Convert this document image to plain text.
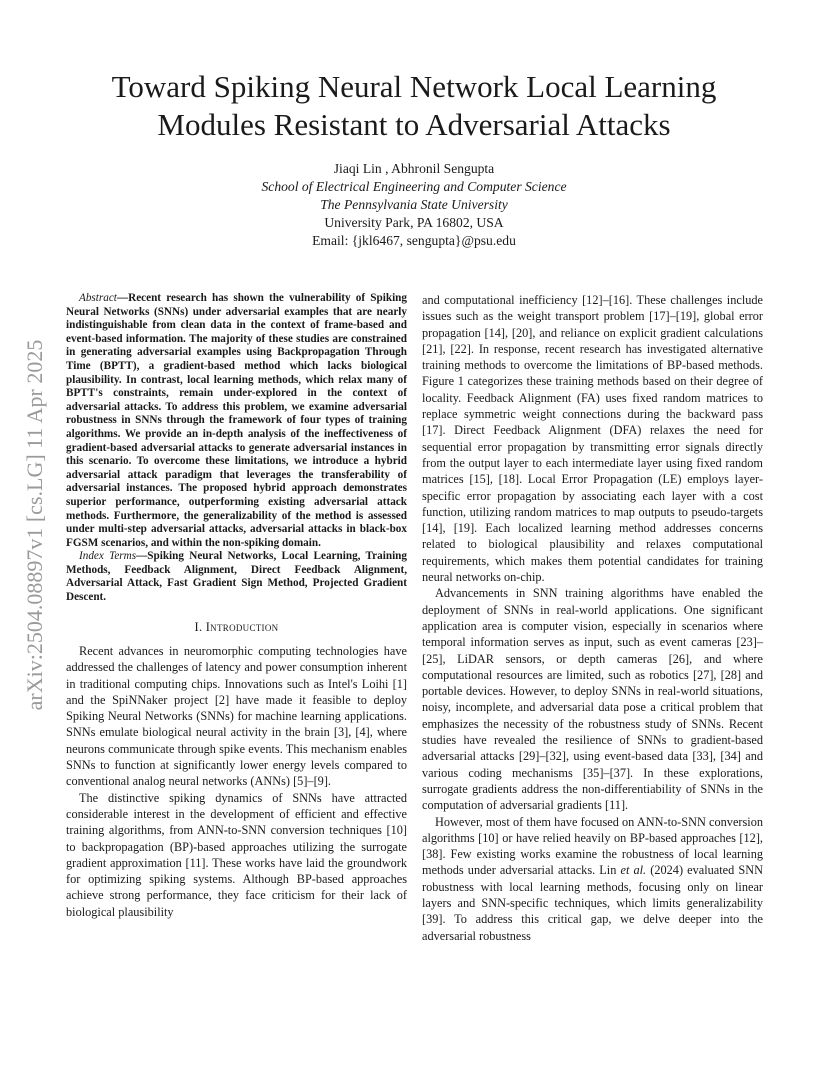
arXiv:2504.08897v1 [cs.LG] 11 Apr 2025
Toward Spiking Neural Network Local Learning
Modules Resistant to Adversarial Attacks
Jiaqi Lin , Abhronil Sengupta
School of Electrical Engineering and Computer Science
The Pennsylvania State University
University Park, PA 16802, USA
Email: {jkl6467, sengupta}@psu.edu

Abstract—Recent research has shown the vulnerability of Spiking Neural Networks (SNNs) under adversarial examples that are nearly indistinguishable from clean data in the context of frame-based and event-based information. The majority of these studies are constrained in generating adversarial examples using Backpropagation Through Time (BPTT), a gradient-based method which lacks biological plausibility. In contrast, local learning methods, which relax many of BPTT's constraints, remain under-explored in the context of adversarial attacks. To address this problem, we examine adversarial robustness in SNNs through the framework of four types of training algorithms. We provide an in-depth analysis of the ineffectiveness of gradient-based adversarial attacks to generate adversarial instances in this scenario. To overcome these limitations, we introduce a hybrid adversarial attack paradigm that leverages the transferability of adversarial instances. The proposed hybrid approach demonstrates superior performance, outperforming existing adversarial attack methods. Furthermore, the generalizability of the method is assessed under multi-step adversarial attacks, adversarial attacks in black-box FGSM scenarios, and within the non-spiking domain.

Index Terms—Spiking Neural Networks, Local Learning, Training Methods, Feedback Alignment, Direct Feedback Alignment, Adversarial Attack, Fast Gradient Sign Method, Projected Gradient Descent.

I. Introduction

Recent advances in neuromorphic computing technologies have addressed the challenges of latency and power consumption inherent in traditional computing chips. Innovations such as Intel's Loihi [1] and the SpiNNaker project [2] have made it feasible to deploy Spiking Neural Networks (SNNs) for machine learning applications. SNNs emulate biological neural activity in the brain [3], [4], where neurons communicate through spike events. This mechanism enables SNNs to function at significantly lower energy levels compared to conventional analog neural networks (ANNs) [5]–[9].

The distinctive spiking dynamics of SNNs have attracted considerable interest in the development of efficient and effective training algorithms, from ANN-to-SNN conversion techniques [10] to backpropagation (BP)-based approaches utilizing the surrogate gradient approximation [11]. These works have laid the groundwork for optimizing spiking systems. Although BP-based approaches achieve strong performance, they face criticism for their lack of biological plausibility

and computational inefficiency [12]–[16]. These challenges include issues such as the weight transport problem [17]–[19], global error propagation [14], [20], and reliance on explicit gradient calculations [21], [22]. In response, recent research has investigated alternative training methods to overcome the limitations of BP-based methods. Figure 1 categorizes these training methods based on their degree of locality. Feedback Alignment (FA) uses fixed random matrices to replace symmetric weight connections during the backward pass [17]. Direct Feedback Alignment (DFA) relaxes the need for sequential error propagation by transmitting error signals directly from the output layer to each intermediate layer using fixed random matrices [15], [18]. Local Error Propagation (LE) employs layer-specific error propagation by associating each layer with a cost function, utilizing random matrices to map outputs to pseudo-targets [14], [19]. Each localized learning method addresses concerns related to biological plausibility and relaxes computational requirements, which makes them potential candidates for training neural networks on-chip.

Advancements in SNN training algorithms have enabled the deployment of SNNs in real-world applications. One significant application area is computer vision, especially in scenarios where temporal information serves as input, such as event cameras [23]–[25], LiDAR sensors, or depth cameras [26], and where computational resources are limited, such as robotics [27], [28] and portable devices. However, to deploy SNNs in real-world situations, noisy, incomplete, and adversarial data pose a critical problem that emphasizes the necessity of the robustness study of SNNs. Recent studies have revealed the resilience of SNNs to gradient-based adversarial attacks [29]–[32], using event-based data [33], [34] and various coding mechanisms [35]–[37]. In these explorations, surrogate gradients address the non-differentiability of SNNs in the computation of adversarial gradients [11].

However, most of them have focused on ANN-to-SNN conversion algorithms [10] or have relied heavily on BP-based approaches [12], [38]. Few existing works examine the robustness of local learning methods under adversarial attacks. Lin et al. (2024) evaluated SNN robustness with local learning methods, focusing only on linear layers and SNN-specific techniques, which limits generalizability [39]. To address this critical gap, we delve deeper into the adversarial robustness
